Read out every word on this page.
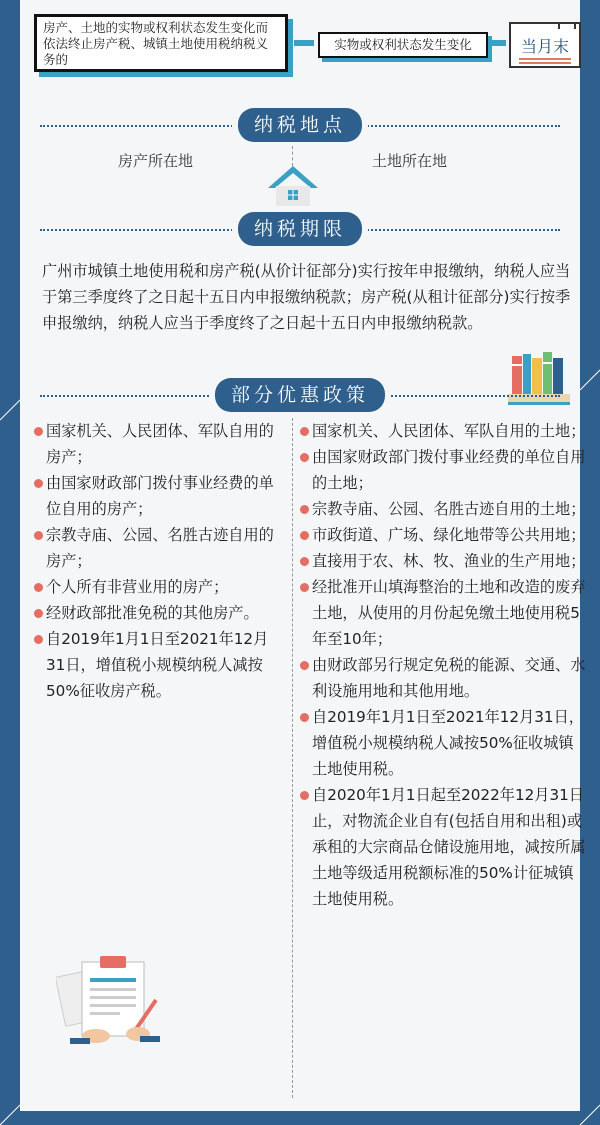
房产、土地的实物或权利状态发生变化而依法终止房产税、城镇土地使用税纳税义务的
实物或权利状态发生变化	当月末
纳税地点
房产所在地	土地所在地
纳税期限
广州市城镇土地使用税和房产税(从价计征部分)实行按年申报缴纳，纳税人应当于第三季度终了之日起十五日内申报缴纳税款；房产税(从租计征部分)实行按季申报缴纳，纳税人应当于季度终了之日起十五日内申报缴纳税款。
部分优惠政策
国家机关、人民团体、军队自用的房产；
由国家财政部门拨付事业经费的单位自用的房产；
宗教寺庙、公园、名胜古迹自用的房产；
个人所有非营业用的房产；
经财政部批准免税的其他房产。
自2019年1月1日至2021年12月31日，增值税小规模纳税人减按50%征收房产税。
国家机关、人民团体、军队自用的土地；
由国家财政部门拨付事业经费的单位自用的土地；
宗教寺庙、公园、名胜古迹自用的土地；
市政街道、广场、绿化地带等公共用地；
直接用于农、林、牧、渔业的生产用地；
经批准开山填海整治的土地和改造的废弃土地，从使用的月份起免缴土地使用税5年至10年；
由财政部另行规定免税的能源、交通、水利设施用地和其他用地。
自2019年1月1日至2021年12月31日，增值税小规模纳税人减按50%征收城镇土地使用税。
自2020年1月1日起至2022年12月31日止，对物流企业自有(包括自用和出租)或承租的大宗商品仓储设施用地，减按所属土地等级适用税额标准的50%计征城镇土地使用税。
